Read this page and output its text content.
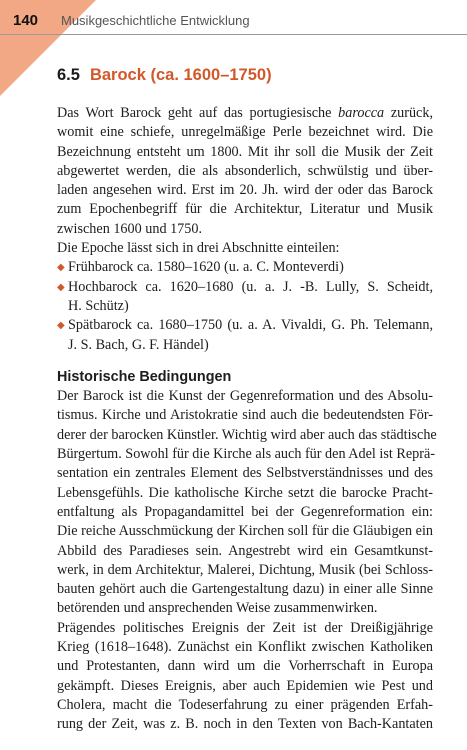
140 Musikgeschichtliche Entwicklung
6.5 Barock (ca. 1600–1750)
Das Wort Barock geht auf das portugiesische barocca zurück,
womit eine schiefe, unregelmäßige Perle bezeichnet wird. Die
Bezeichnung entsteht um 1800. Mit ihr soll die Musik der Zeit
abgewertet werden, die als absonderlich, schwülstig und über-
laden angesehen wird. Erst im 20. Jh. wird der oder das Barock
zum Epochenbegriff für die Architektur, Literatur und Musik
zwischen 1600 und 1750.
Die Epoche lässt sich in drei Abschnitte einteilen:
◆ Frühbarock ca. 1580–1620 (u. a. C. Monteverdi)
◆ Hochbarock ca. 1620–1680 (u. a. J. -B. Lully, S. Scheidt,
H. Schütz)
◆ Spätbarock ca. 1680–1750 (u. a. A. Vivaldi, G. Ph. Telemann,
J. S. Bach, G. F. Händel)
Historische Bedingungen
Der Barock ist die Kunst der Gegenreformation und des Absolu-
tismus. Kirche und Aristokratie sind auch die bedeutendsten För-
derer der barocken Künstler. Wichtig wird aber auch das städtische
Bürgertum. Sowohl für die Kirche als auch für den Adel ist Reprä-
sentation ein zentrales Element des Selbstverständnisses und des
Lebensgefühls. Die katholische Kirche setzt die barocke Pracht-
entfaltung als Propagandamittel bei der Gegenreformation ein:
Die reiche Ausschmückung der Kirchen soll für die Gläubigen ein
Abbild des Paradieses sein. Angestrebt wird ein Gesamtkunst-
werk, in dem Architektur, Malerei, Dichtung, Musik (bei Schloss-
bauten gehört auch die Gartengestaltung dazu) in einer alle Sinne
betörenden und ansprechenden Weise zusammenwirken.
Prägendes politisches Ereignis der Zeit ist der Dreißigjährige
Krieg (1618–1648). Zunächst ein Konflikt zwischen Katholiken
und Protestanten, dann wird um die Vorherrschaft in Europa
gekämpft. Dieses Ereignis, aber auch Epidemien wie Pest und
Cholera, macht die Todeserfahrung zu einer prägenden Erfah-
rung der Zeit, was z. B. noch in den Texten von Bach-Kantaten
